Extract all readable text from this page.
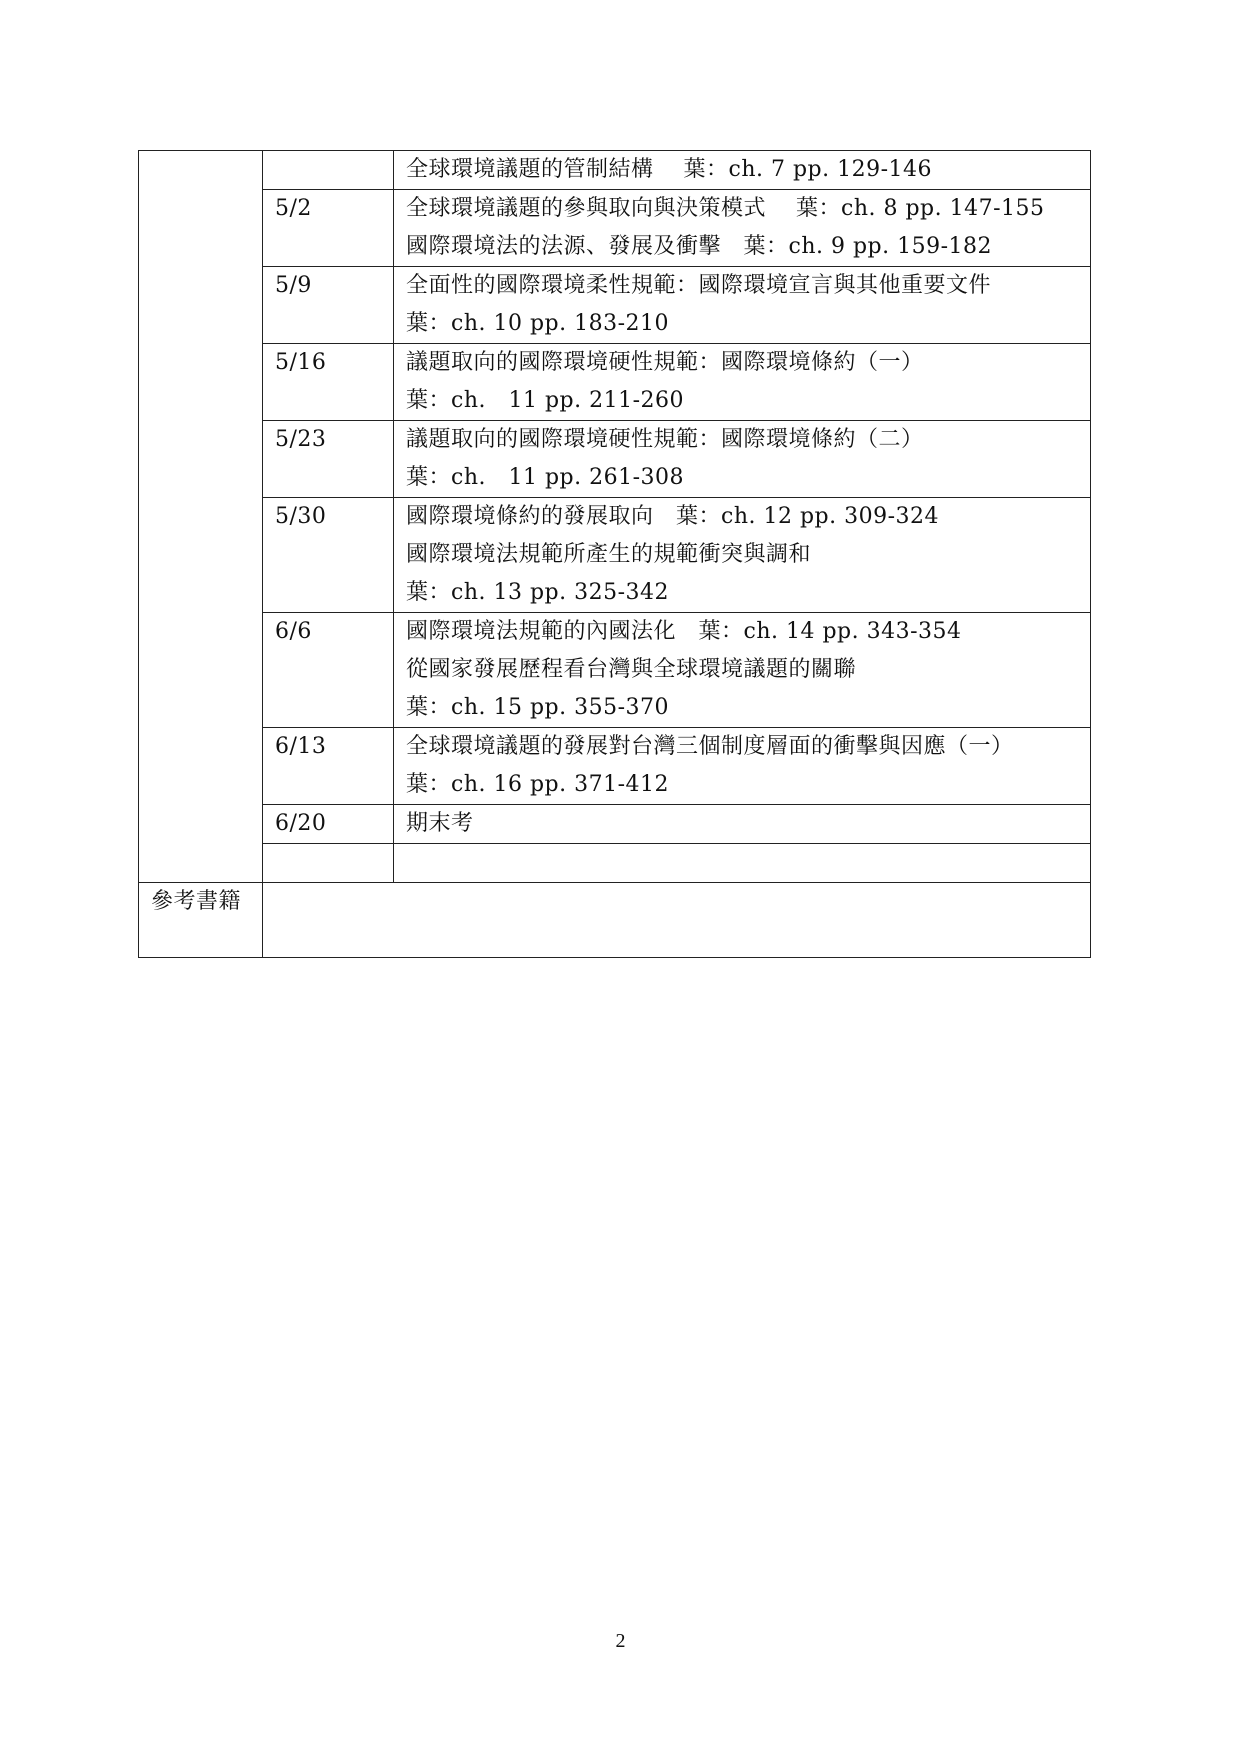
		全球環境議題的管制結構　 葉：ch. 7 pp. 129-146

	5/2	全球環境議題的參與取向與決策模式　 葉：ch. 8 pp. 147-155
國際環境法的法源、發展及衝擊　葉：ch. 9 pp. 159-182

	5/9	全面性的國際環境柔性規範：國際環境宣言與其他重要文件
葉：ch. 10 pp. 183-210

	5/16	議題取向的國際環境硬性規範：國際環境條約（一）
葉：ch.　11 pp. 211-260

	5/23	議題取向的國際環境硬性規範：國際環境條約（二）
葉：ch.　11 pp. 261-308

	5/30	國際環境條約的發展取向　葉：ch. 12 pp. 309-324
國際環境法規範所產生的規範衝突與調和
葉：ch. 13 pp. 325-342

	6/6	國際環境法規範的內國法化　葉：ch. 14 pp. 343-354
從國家發展歷程看台灣與全球環境議題的關聯
葉：ch. 15 pp. 355-370

	6/13	全球環境議題的發展對台灣三個制度層面的衝擊與因應（一）
葉：ch. 16 pp. 371-412

	6/20	期末考

參考書籍		
2
